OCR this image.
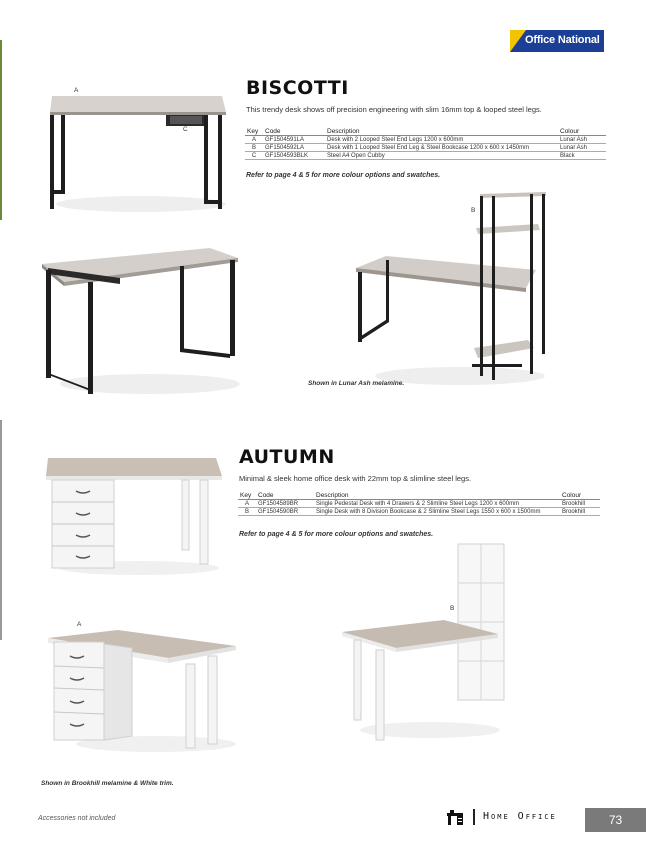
Office National
BISCOTTI
This trendy desk shows off precision engineering with slim 16mm top & looped steel legs.
Key	Code	Description	Colour
A	GF1504591LA	Desk with 2 Looped Steel End Legs 1200 x 600mm	Lunar Ash
B	GF1504592LA	Desk with 1 Looped Steel End Leg & Steel Bookcase 1200 x 600 x 1450mm	Lunar Ash
C	GF1504593BLK	Steel A4 Open Cubby	Black
Refer to page 4 & 5 for more colour options and swatches.
A
C
B
Shown in Lunar Ash melamine.
AUTUMN
Minimal & sleek home office desk with 22mm top & slimline steel legs.
Key	Code	Description	Colour
A	GF1504589BR	Single Pedestal Desk with 4 Drawers & 2 Slimline Steel Legs 1200 x 600mm	Brookhill
B	GF1504590BR	Single Desk with 8 Division Bookcase & 2 Slimline Steel Legs 1550 x 600 x 1500mm	Brookhill
Refer to page 4 & 5 for more colour options and swatches.
A
B
Shown in Brookhill melamine & White trim.
Accessories not included	Home Office	73
